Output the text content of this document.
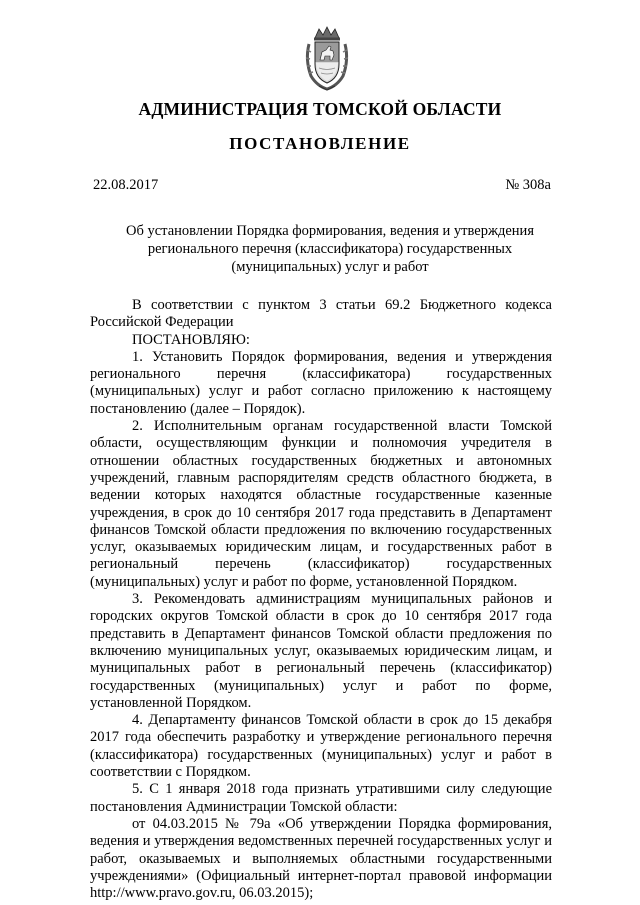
АДМИНИСТРАЦИЯ ТОМСКОЙ ОБЛАСТИ
ПОСТАНОВЛЕНИЕ
22.08.2017	№ 308а
Об установлении Порядка формирования, ведения и утверждения
регионального перечня (классификатора) государственных
(муниципальных) услуг и работ

В соответствии с пунктом 3 статьи 69.2 Бюджетного кодекса Российской Федерации

ПОСТАНОВЛЯЮ:

1. Установить Порядок формирования, ведения и утверждения регионального перечня (классификатора) государственных (муниципальных) услуг и работ согласно приложению к настоящему постановлению (далее – Порядок).

2. Исполнительным органам государственной власти Томской области, осуществляющим функции и полномочия учредителя в отношении областных государственных бюджетных и автономных учреждений, главным распорядителям средств областного бюджета, в ведении которых находятся областные государственные казенные учреждения, в срок до 10 сентября 2017 года представить в Департамент финансов Томской области предложения по включению государственных услуг, оказываемых юридическим лицам, и государственных работ в региональный перечень (классификатор) государственных (муниципальных) услуг и работ по форме, установленной Порядком.

3. Рекомендовать администрациям муниципальных районов и городских округов Томской области в срок до 10 сентября 2017 года представить в Департамент финансов Томской области предложения по включению муниципальных услуг, оказываемых юридическим лицам, и муниципальных работ в региональный перечень (классификатор) государственных (муниципальных) услуг и работ по форме, установленной Порядком.

4. Департаменту финансов Томской области в срок до 15 декабря 2017 года обеспечить разработку и утверждение регионального перечня (классификатора) государственных (муниципальных) услуг и работ в соответствии с Порядком.

5. С 1 января 2018 года признать утратившими силу следующие постановления Администрации Томской области:

от 04.03.2015 № 79а «Об утверждении Порядка формирования, ведения и утверждения ведомственных перечней государственных услуг и работ, оказываемых и выполняемых областными государственными учреждениями» (Официальный интернет-портал правовой информации http://www.pravo.gov.ru, 06.03.2015);
